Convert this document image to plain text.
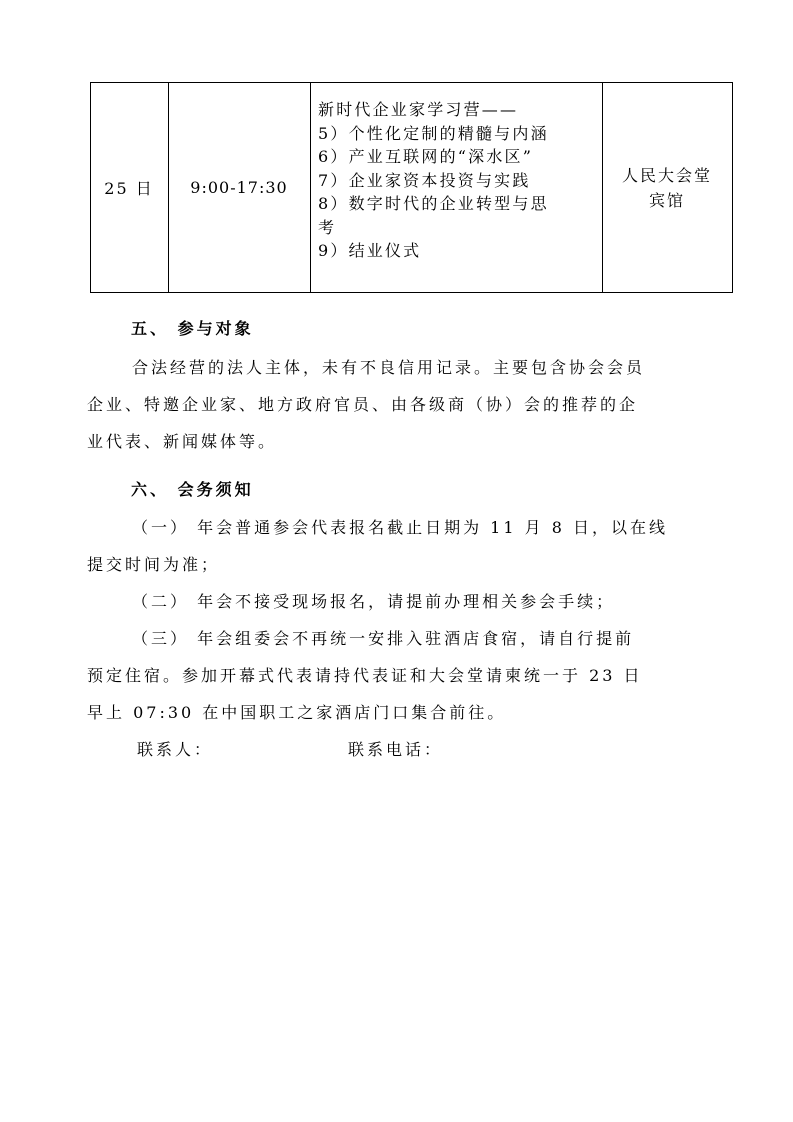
25 日 9:00-17:30
新时代企业家学习营——
5）个性化定制的精髓与内涵
6）产业互联网的“深水区”
7）企业家资本投资与实践
8）数字时代的企业转型与思
考
9）结业仪式
人民大会堂
宾馆
五、 参与对象
合法经营的法人主体，未有不良信用记录。主要包含协会会员
企业、特邀企业家、地方政府官员、由各级商（协）会的推荐的企
业代表、新闻媒体等。
六、 会务须知
（一） 年会普通参会代表报名截止日期为 11 月 8 日，以在线
提交时间为准；
（二） 年会不接受现场报名，请提前办理相关参会手续；
（三） 年会组委会不再统一安排入驻酒店食宿，请自行提前
预定住宿。参加开幕式代表请持代表证和大会堂请柬统一于 23 日
早上 07:30 在中国职工之家酒店门口集合前往。
联系人：	联系电话：
